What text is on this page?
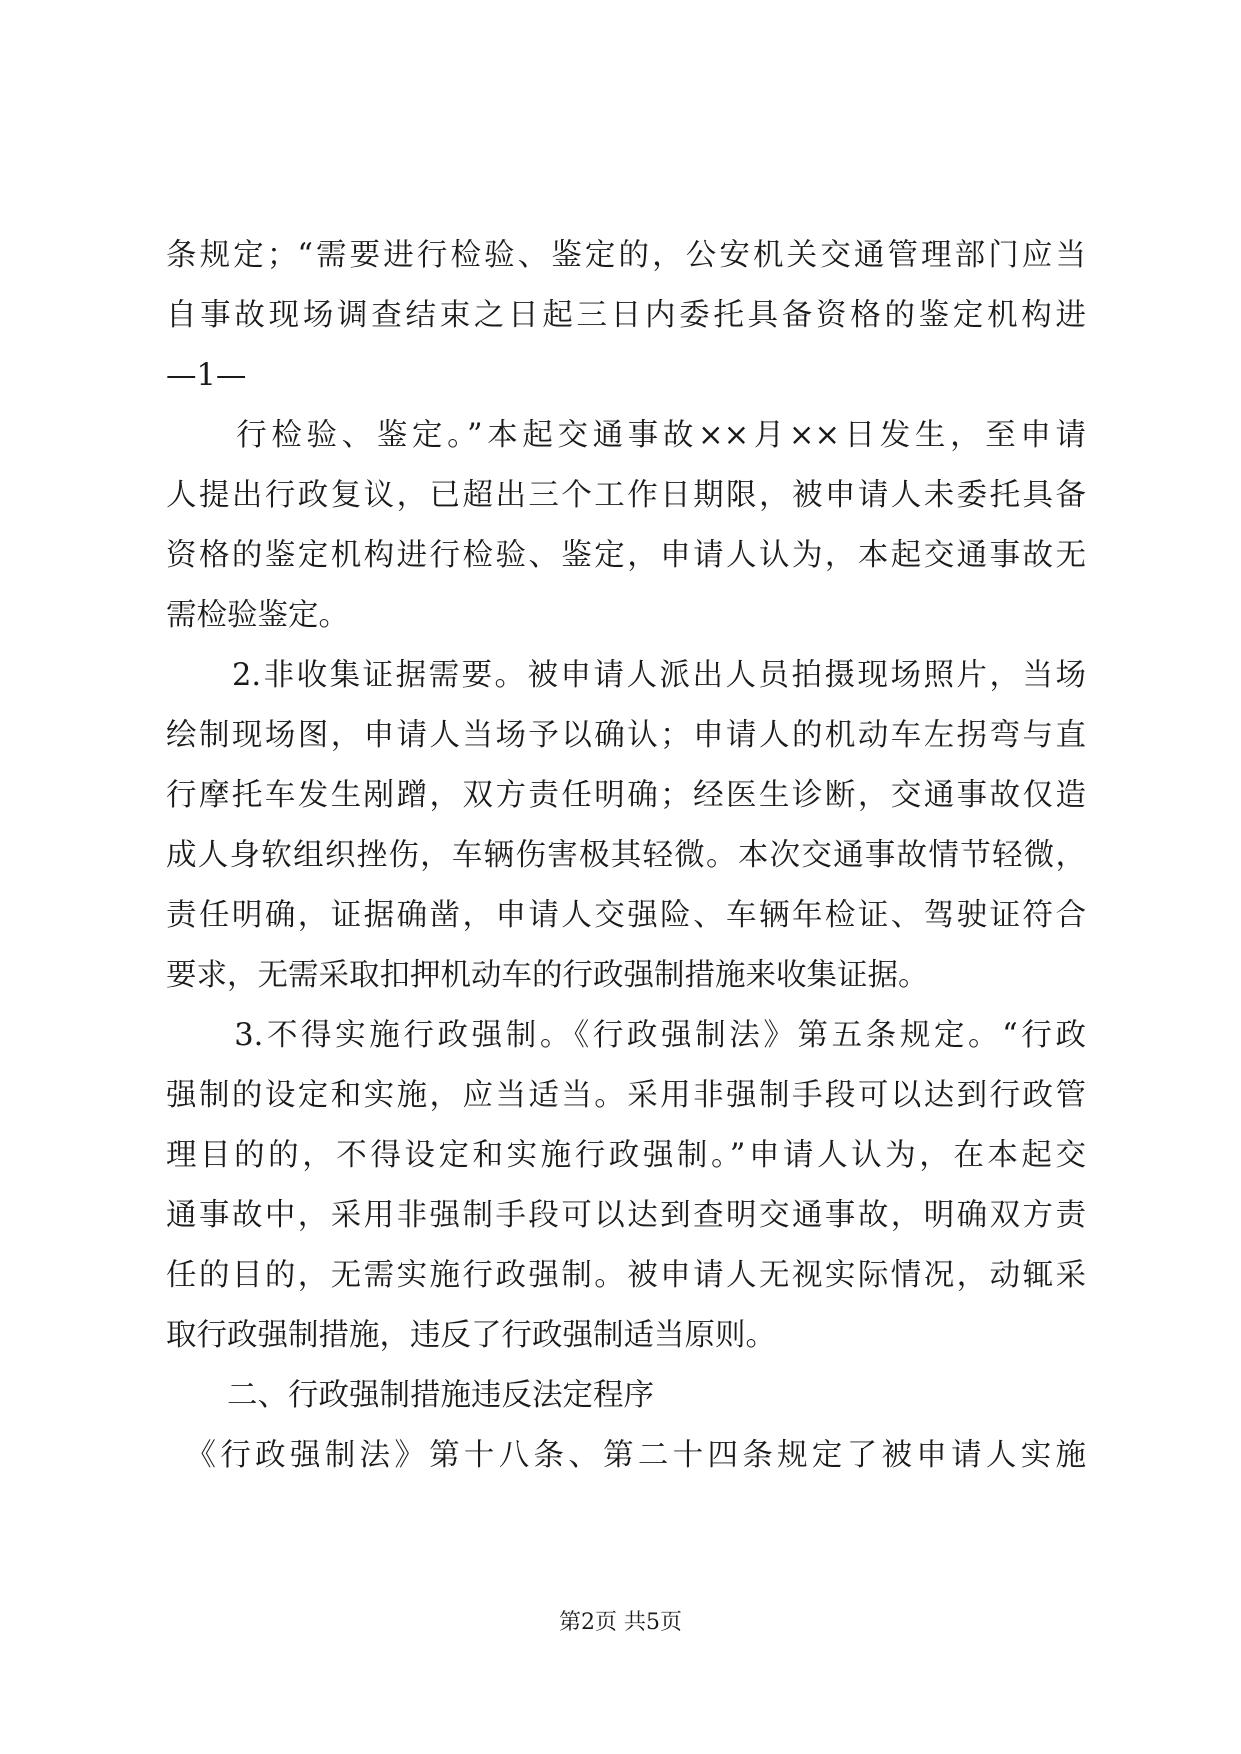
条规定；“需要进行检验、鉴定的，公安机关交通管理部门应当
自事故现场调查结束之日起三日内委托具备资格的鉴定机构进
—1—
　　行检验、鉴定。”本起交通事故××月××日发生，至申请
人提出行政复议，已超出三个工作日期限，被申请人未委托具备
资格的鉴定机构进行检验、鉴定，申请人认为，本起交通事故无
需检验鉴定。
　　2.非收集证据需要。被申请人派出人员拍摄现场照片，当场
绘制现场图，申请人当场予以确认；申请人的机动车左拐弯与直
行摩托车发生剐蹭，双方责任明确；经医生诊断，交通事故仅造
成人身软组织挫伤，车辆伤害极其轻微。本次交通事故情节轻微，
责任明确，证据确凿，申请人交强险、车辆年检证、驾驶证符合
要求，无需采取扣押机动车的行政强制措施来收集证据。
　　3.不得实施行政强制。《行政强制法》第五条规定。“行政
强制的设定和实施，应当适当。采用非强制手段可以达到行政管
理目的的，不得设定和实施行政强制。”申请人认为，在本起交
通事故中，采用非强制手段可以达到查明交通事故，明确双方责
任的目的，无需实施行政强制。被申请人无视实际情况，动辄采
取行政强制措施，违反了行政强制适当原则。
　　二、行政强制措施违反法定程序
　《行政强制法》第十八条、第二十四条规定了被申请人实施
第2页 共5页
